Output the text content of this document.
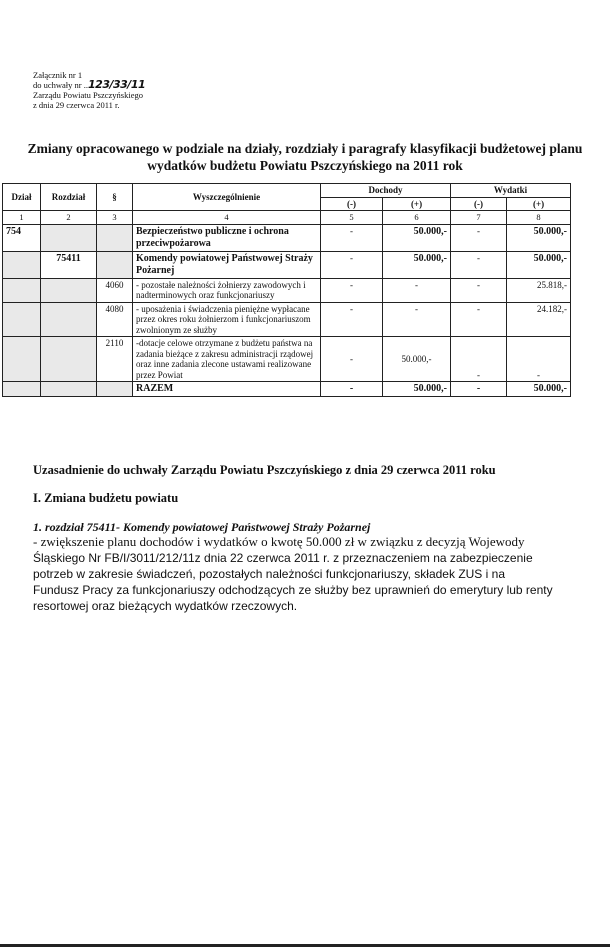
Załącznik nr 1
do uchwały nr ..123/33/11
Zarządu Powiatu Pszczyńskiego
z dnia 29 czerwca 2011 r.
Zmiany opracowanego w podziale na działy, rozdziały i paragrafy klasyfikacji budżetowej planu
wydatków budżetu Powiatu Pszczyńskiego na 2011 rok
Dział	Rozdział	§	Wyszczególnienie	Dochody		Wydatki	
				(-)	(+)	(-)	(+)
1	2	3	4	5	6	7	8
754			Bezpieczeństwo publiczne i ochrona przeciwpożarowa	-	50.000,-	-	50.000,-
	75411		Komendy powiatowej Państwowej Straży Pożarnej	-	50.000,-	-	50.000,-
		4060	- pozostałe należności żołnierzy zawodowych i nadterminowych oraz funkcjonariuszy	-	-	-	25.818,-
		4080	- uposażenia i świadczenia pieniężne wypłacane przez okres roku żołnierzom i funkcjonariuszom zwolnionym ze służby	-	-	-	24.182,-
		2110	-dotacje celowe otrzymane z budżetu państwa na zadania bieżące z zakresu administracji rządowej oraz inne zadania zlecone ustawami realizowane przez Powiat	-	50.000,-	-	-
			RAZEM	-	50.000,-	-	50.000,-
Uzasadnienie do uchwały Zarządu Powiatu Pszczyńskiego z dnia 29 czerwca 2011 roku
I. Zmiana budżetu powiatu
1. rozdział 75411- Komendy powiatowej Państwowej Straży Pożarnej
- zwiększenie planu dochodów i wydatków o kwotę 50.000 zł w związku z decyzją Wojewody
Śląskiego Nr FB/I/3011/212/11z dnia 22 czerwca 2011 r. z przeznaczeniem na zabezpieczenie potrzeb w zakresie świadczeń, pozostałych należności funkcjonariuszy, składek ZUS i na Fundusz Pracy za funkcjonariuszy odchodzących ze służby bez uprawnień do emerytury lub renty resortowej oraz bieżących wydatków rzeczowych.
